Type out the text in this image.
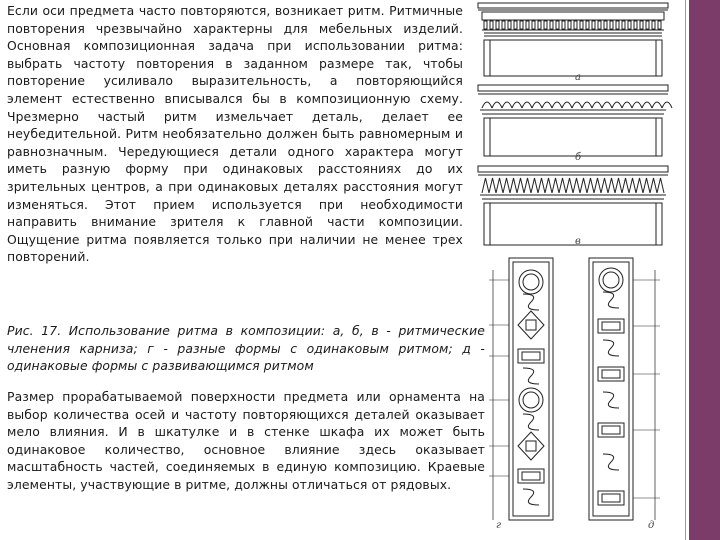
Если оси предмета часто повторяются, возникает ритм. Ритмичные повторения чрезвычайно характерны для мебельных изделий. Основная композиционная задача при использовании ритма: выбрать частоту повторения в заданном размере так, чтобы повторение усиливало выразительность, а повторяющийся элемент естественно вписывался бы в композиционную схему. Чрезмерно частый ритм измельчает деталь, делает ее неубедительной. Ритм необязательно должен быть равномерным и равнозначным. Чередующиеся детали одного характера могут иметь разную форму при одинаковых расстояниях до их зрительных центров, а при одинаковых деталях расстояния могут изменяться. Этот прием используется при необходимости направить внимание зрителя к главной части композиции. Ощущение ритма появляется только при наличии не менее трех повторений.

а
б
в
г	д

Рис. 17. Использование ритма в композиции: а, б, в - ритмические членения карниза; г - разные формы с одинаковым ритмом; д - одинаковые формы с развивающимся ритмом

Размер прорабатываемой поверхности предмета или орнамента на выбор количества осей и частоту повторяющихся деталей оказывает мело влияния. И в шкатулке и в стенке шкафа их может быть одинаковое количество, основное влияние здесь оказывает масштабность частей, соединяемых в единую композицию. Краевые элементы, участвующие в ритме, должны отличаться от рядовых.
